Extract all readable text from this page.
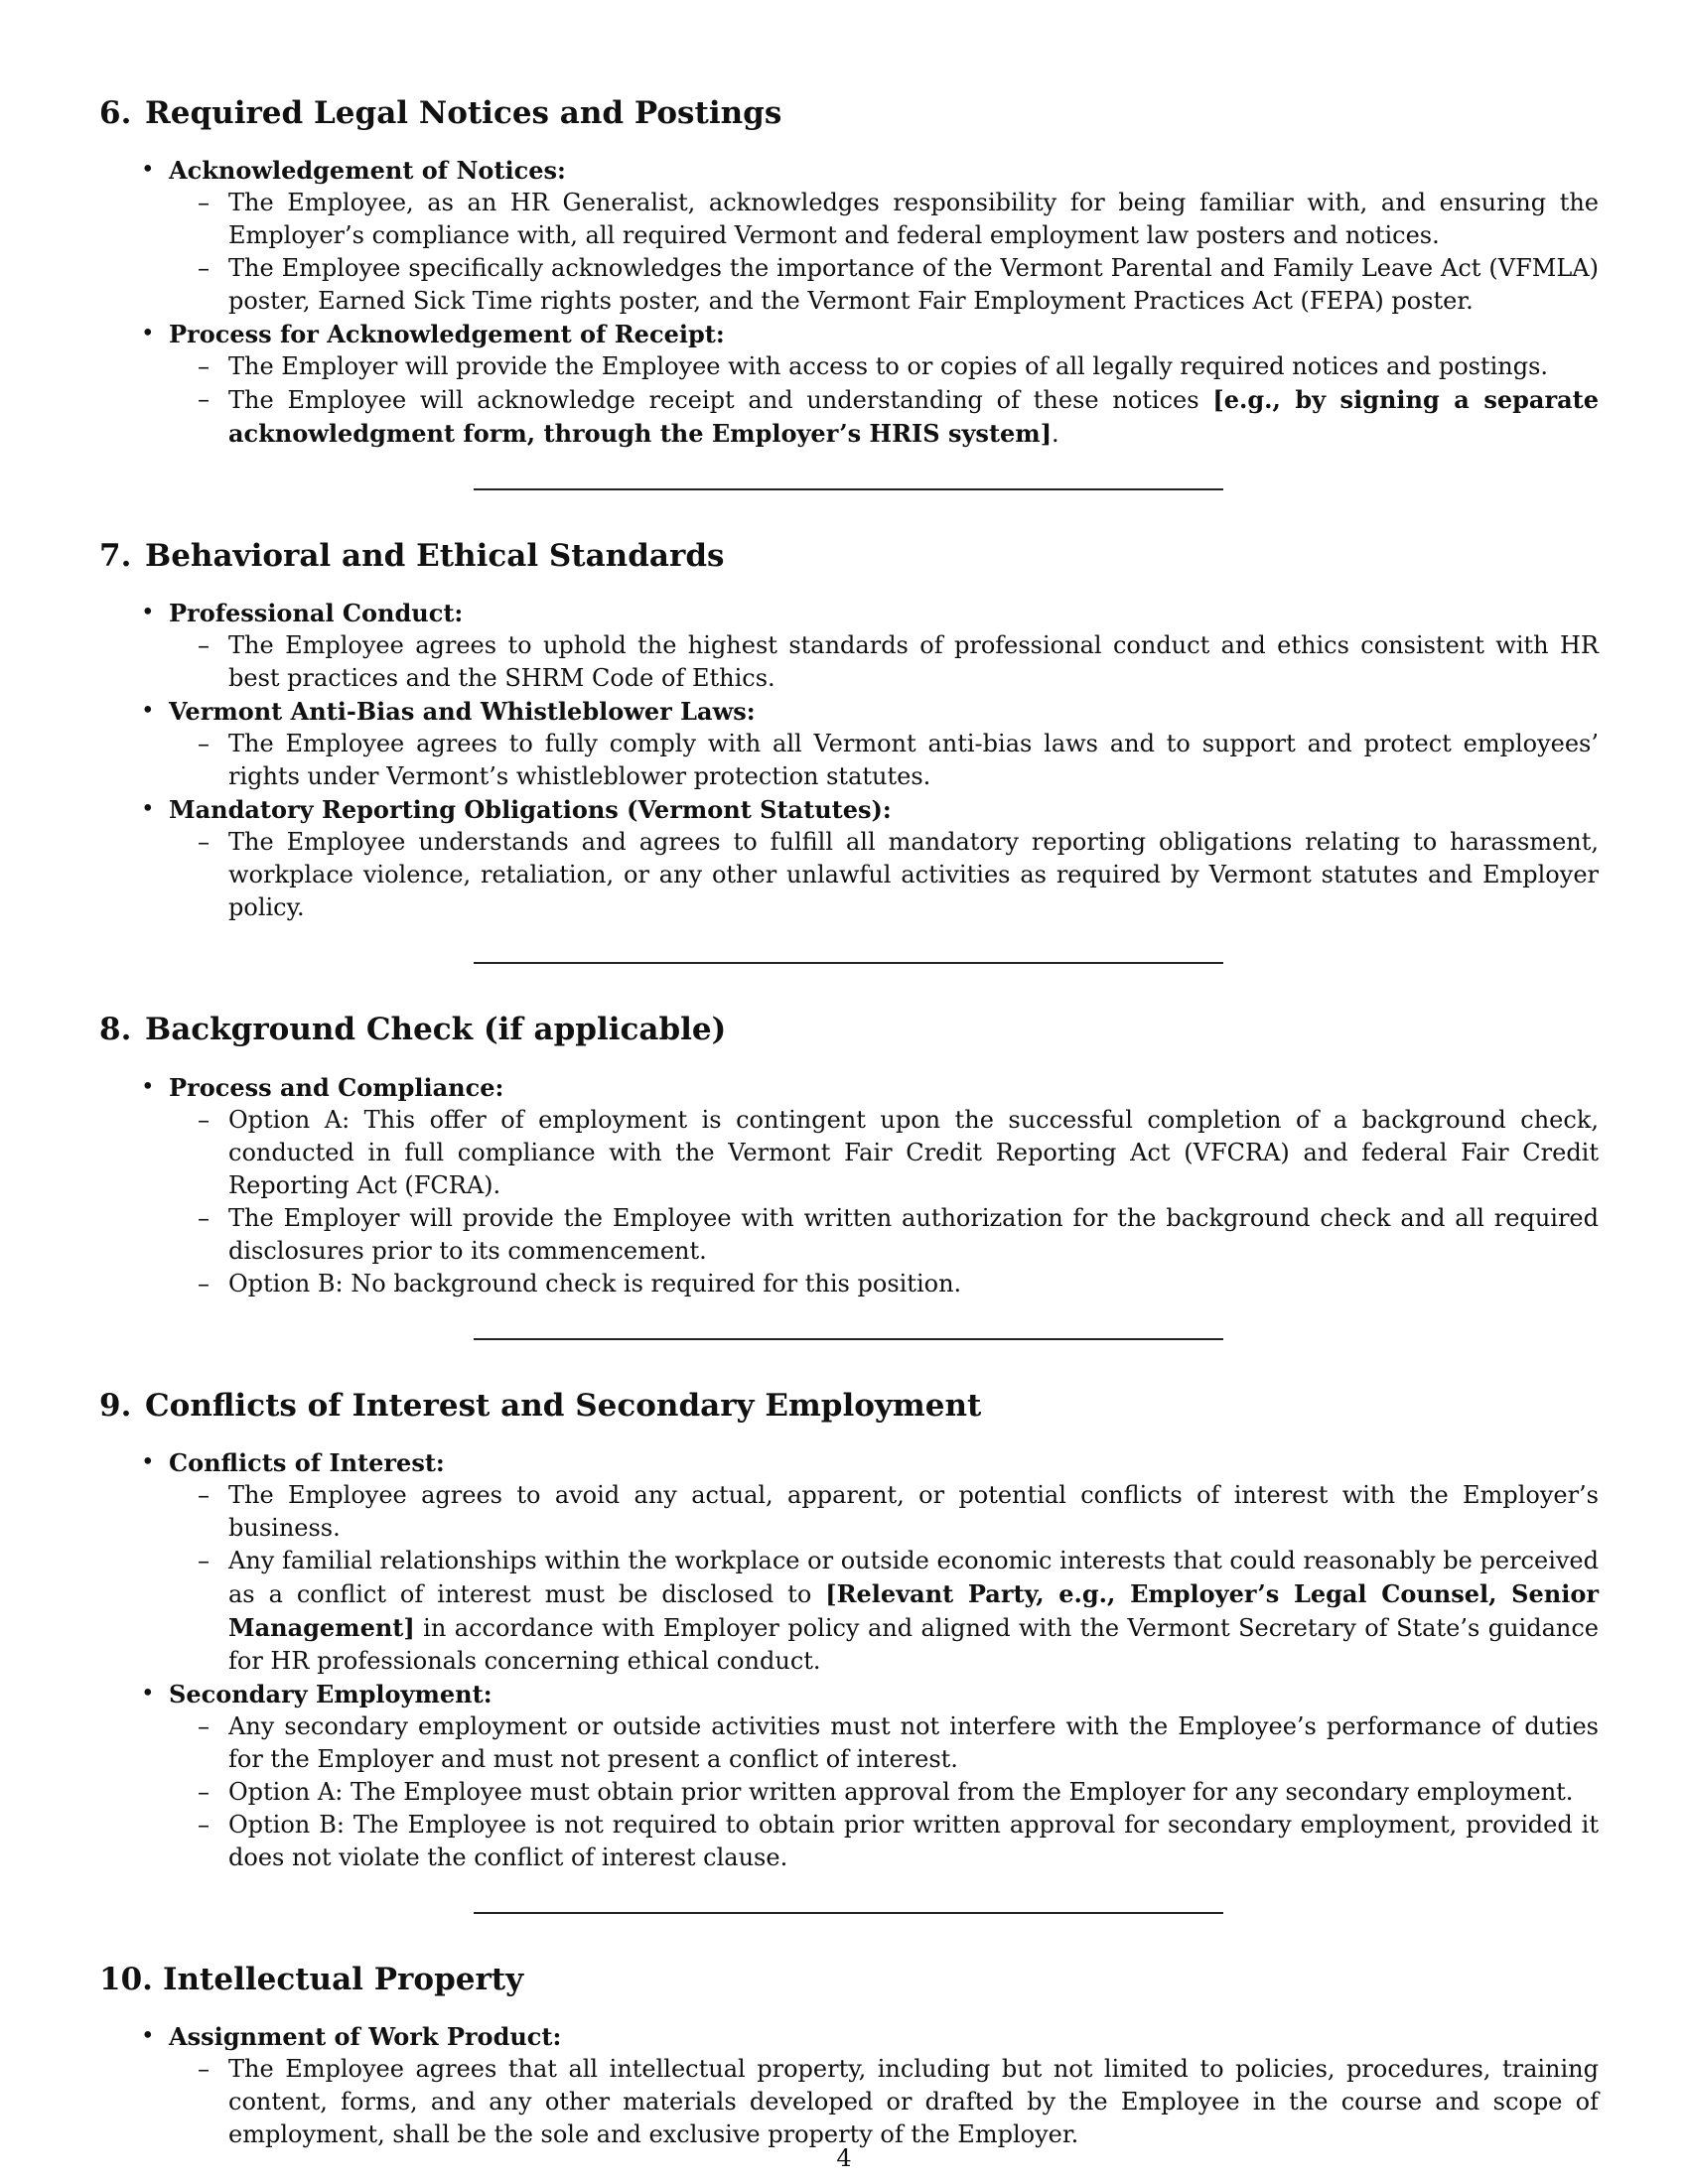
6. Required Legal Notices and Postings
• Acknowledgement of Notices:
– The Employee, as an HR Generalist, acknowledges responsibility for being familiar with, and ensuring the Employer’s compliance with, all required Vermont and federal employment law posters and notices.
– The Employee specifically acknowledges the importance of the Vermont Parental and Family Leave Act (VFMLA) poster, Earned Sick Time rights poster, and the Vermont Fair Employment Practices Act (FEPA) poster.
• Process for Acknowledgement of Receipt:
– The Employer will provide the Employee with access to or copies of all legally required notices and postings.
– The Employee will acknowledge receipt and understanding of these notices [e.g., by signing a separate acknowledgment form, through the Employer’s HRIS system].
7. Behavioral and Ethical Standards
• Professional Conduct:
– The Employee agrees to uphold the highest standards of professional conduct and ethics consistent with HR best practices and the SHRM Code of Ethics.
• Vermont Anti-Bias and Whistleblower Laws:
– The Employee agrees to fully comply with all Vermont anti-bias laws and to support and protect employees’ rights under Vermont’s whistleblower protection statutes.
• Mandatory Reporting Obligations (Vermont Statutes):
– The Employee understands and agrees to fulfill all mandatory reporting obligations relating to harassment, workplace violence, retaliation, or any other unlawful activities as required by Vermont statutes and Employer policy.
8. Background Check (if applicable)
• Process and Compliance:
– Option A: This offer of employment is contingent upon the successful completion of a background check, conducted in full compliance with the Vermont Fair Credit Reporting Act (VFCRA) and federal Fair Credit Reporting Act (FCRA).
– The Employer will provide the Employee with written authorization for the background check and all required disclosures prior to its commencement.
– Option B: No background check is required for this position.
9. Conflicts of Interest and Secondary Employment
• Conflicts of Interest:
– The Employee agrees to avoid any actual, apparent, or potential conflicts of interest with the Employer’s business.
– Any familial relationships within the workplace or outside economic interests that could reasonably be perceived as a conflict of interest must be disclosed to [Relevant Party, e.g., Employer’s Legal Counsel, Senior Management] in accordance with Employer policy and aligned with the Vermont Secretary of State’s guidance for HR professionals concerning ethical conduct.
• Secondary Employment:
– Any secondary employment or outside activities must not interfere with the Employee’s performance of duties for the Employer and must not present a conflict of interest.
– Option A: The Employee must obtain prior written approval from the Employer for any secondary employment.
– Option B: The Employee is not required to obtain prior written approval for secondary employment, provided it does not violate the conflict of interest clause.
10. Intellectual Property
• Assignment of Work Product:
– The Employee agrees that all intellectual property, including but not limited to policies, procedures, training content, forms, and any other materials developed or drafted by the Employee in the course and scope of employment, shall be the sole and exclusive property of the Employer.
4
